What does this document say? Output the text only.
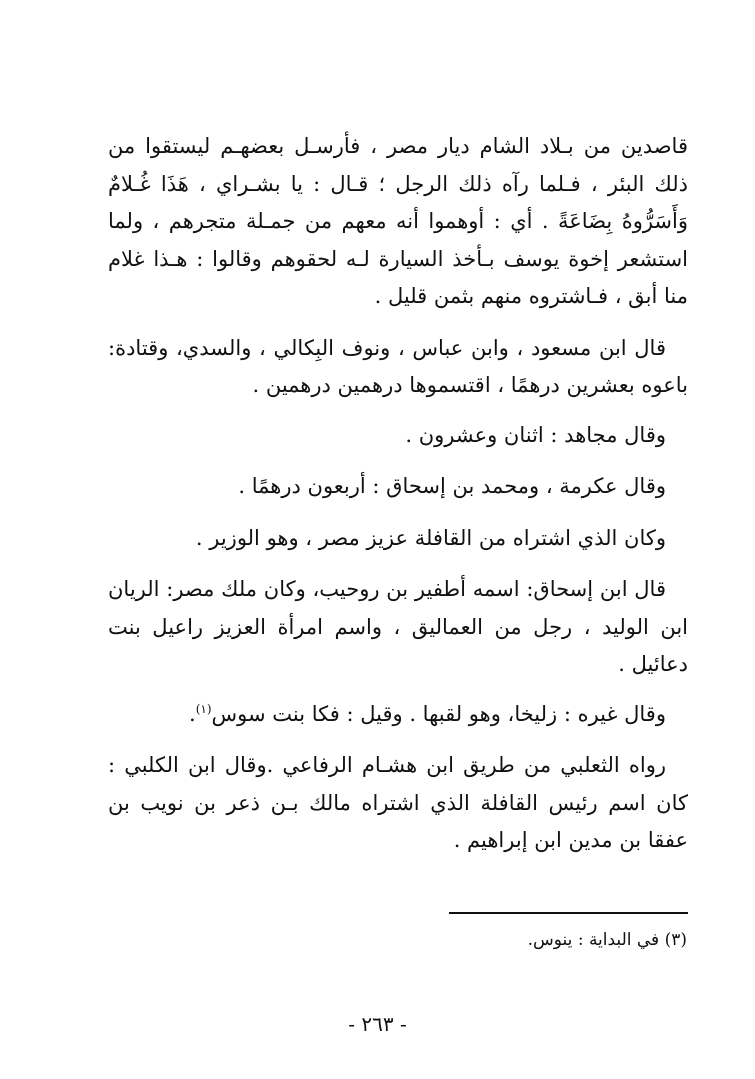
قاصدين من بـلاد الشام ديار مصر ، فأرسـل بعضهـم ليستقوا من ذلك البئر ، فـلما رآه ذلك الرجل ؛ قـال : يا بشـراي ، هَذَا غُـلامٌ وَأَسَرُّوهُ بِضَاعَةً . أي : أوهموا أنه معهم من جمـلة متجرهم ، ولما استشعر إخوة يوسف بـأخذ السيارة لـه لحقوهم وقالوا : هـذا غلام منا أبق ، فـاشتروه منهم بثمن قليل .

قال ابن مسعود ، وابن عباس ، ونوف البِكالي ، والسدي، وقتادة: باعوه بعشرين درهمًا ، اقتسموها درهمين درهمين .

وقال مجاهد : اثنان وعشرون .

وقال عكرمة ، ومحمد بن إسحاق : أربعون درهمًا .

وكان الذي اشتراه من القافلة عزيز مصر ، وهو الوزير .

قال ابن إسحاق: اسمه أطفير بن روحيب، وكان ملك مصر: الريان ابن الوليد ، رجل من العماليق ، واسم امرأة العزيز راعيل بنت دعائيل .

وقال غيره : زليخا، وهو لقبها . وقيل : فكا بنت سوس$^{(١)}$.

رواه الثعلبي من طريق ابن هشـام الرفاعي .وقال ابن الكلبي : كان اسم رئيس القافلة الذي اشتراه مالك بـن ذعر بن نويب بن عفقا بن مدين ابن إبراهيم .

(٣) في البداية : ينوس.
- ٢٦٣ -
